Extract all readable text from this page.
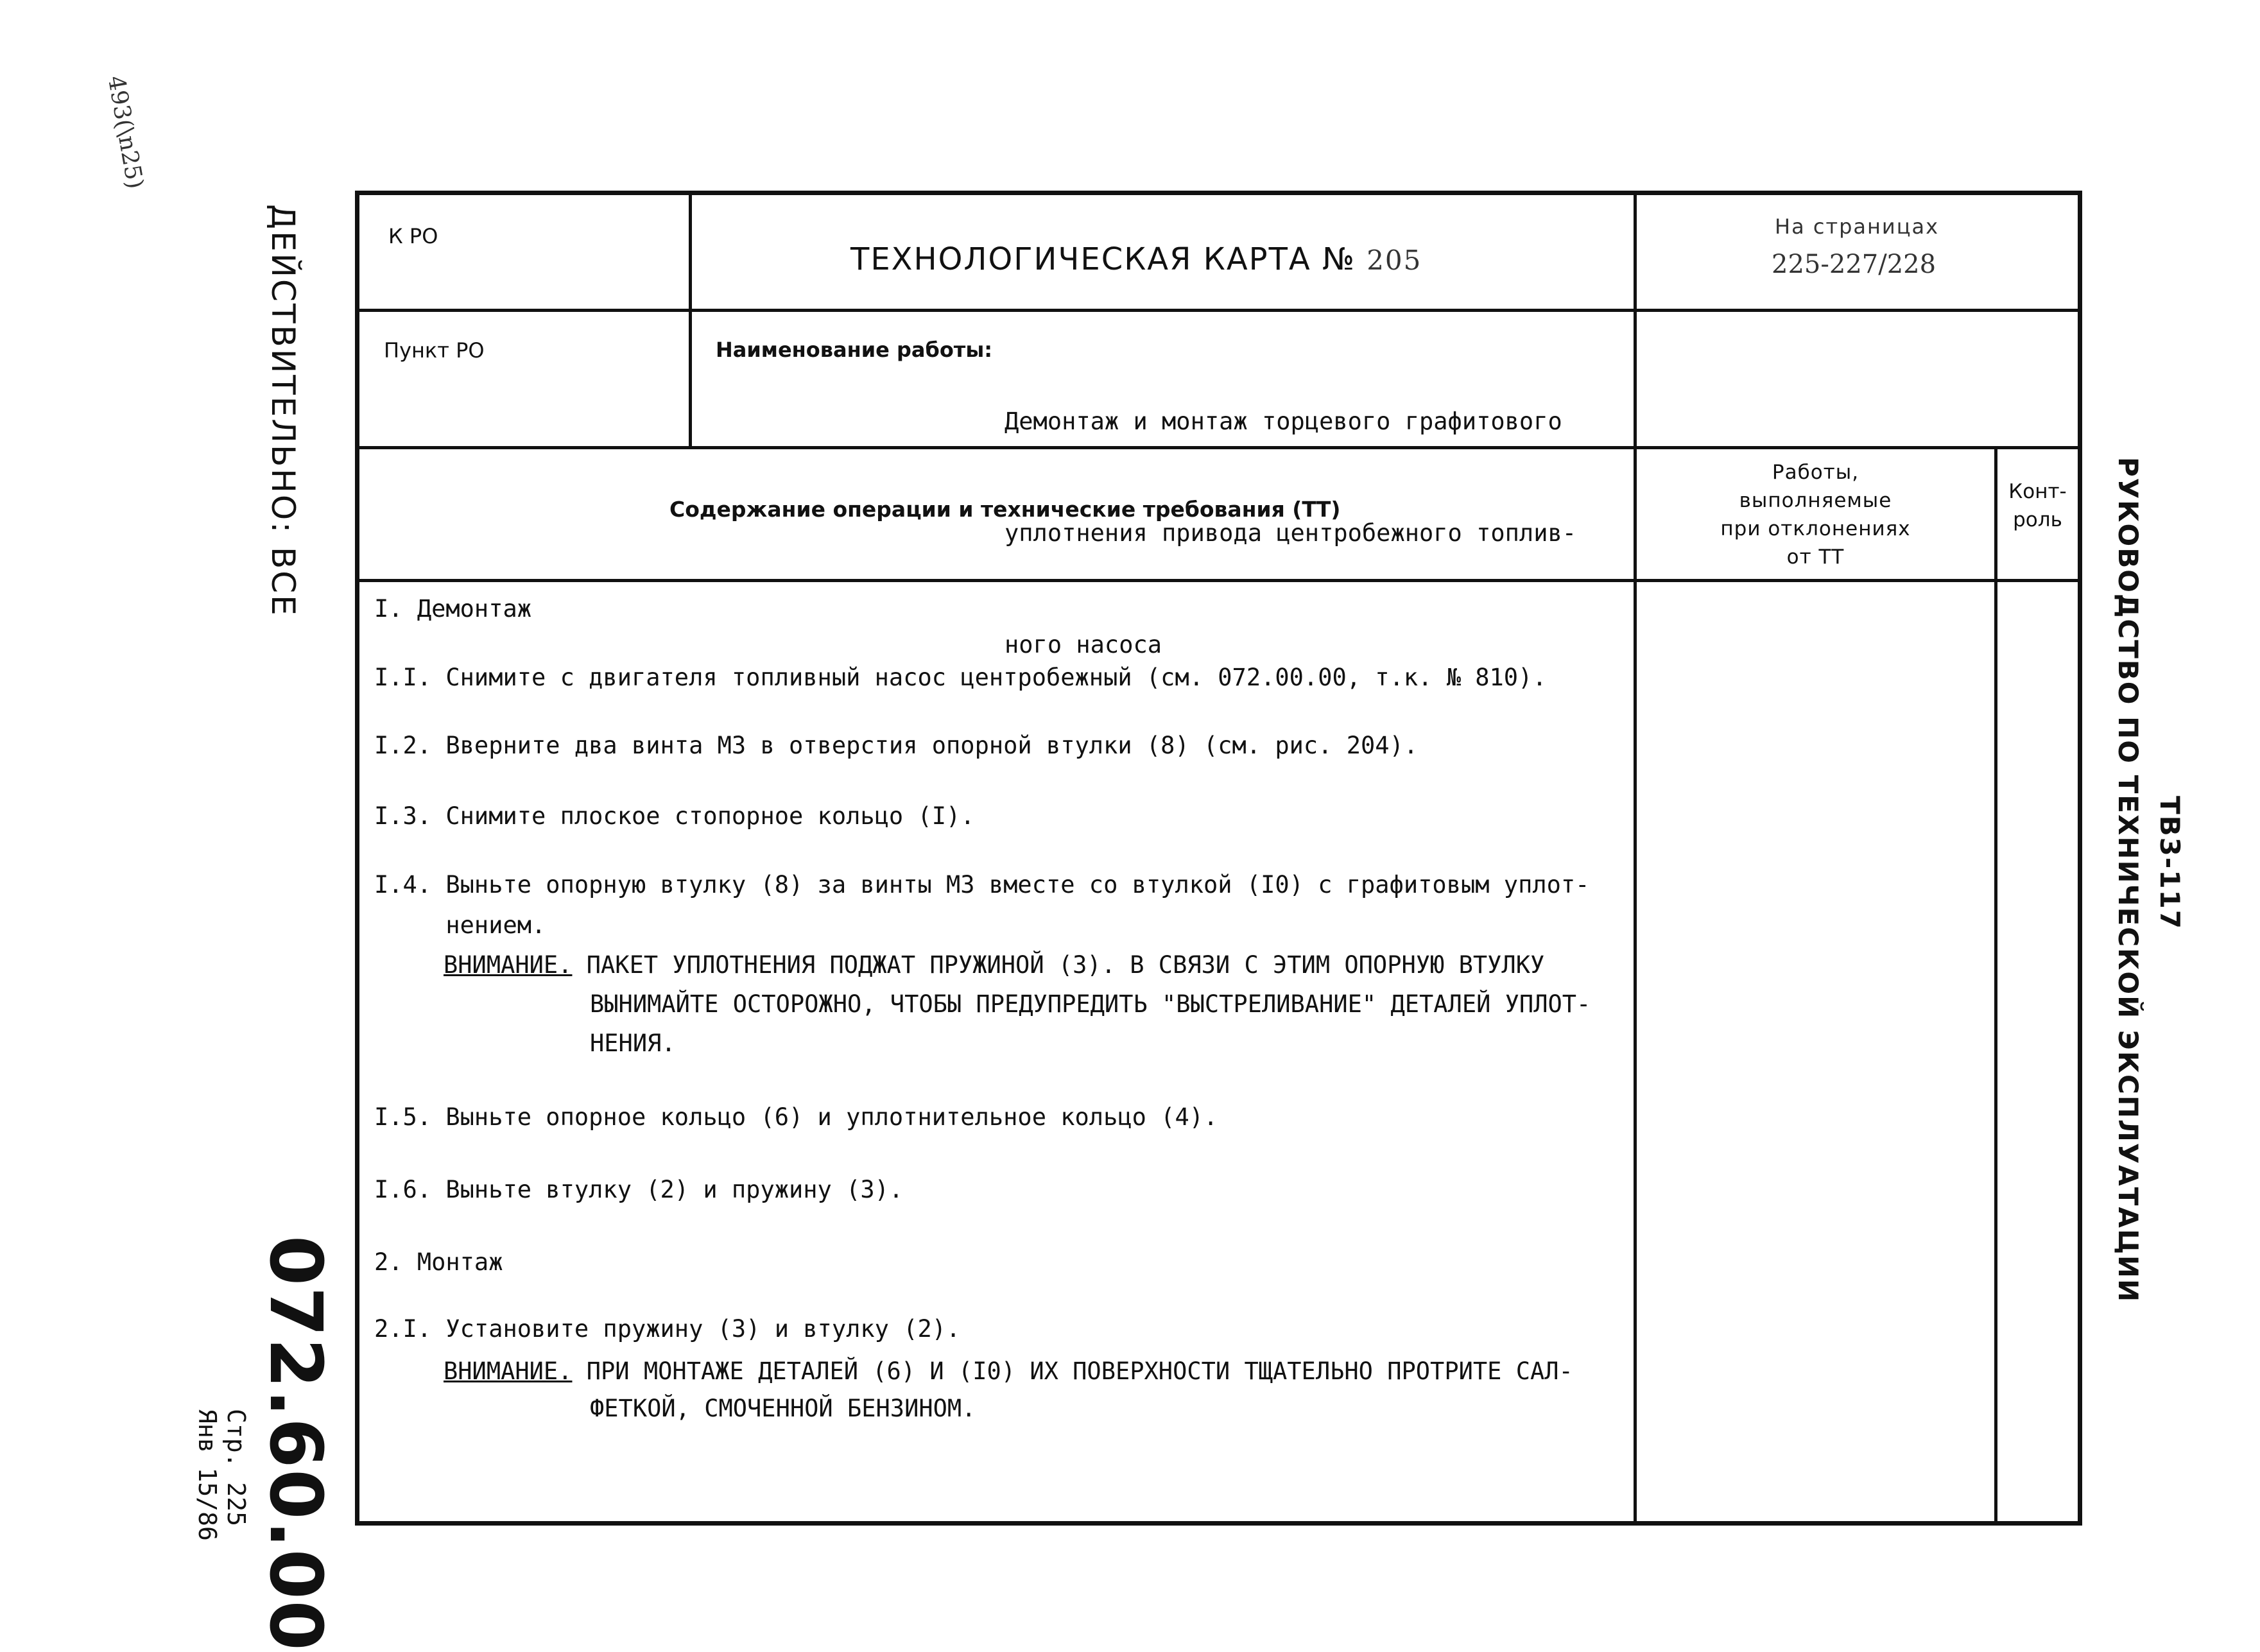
493(\n25)
ДЕЙСТВИТЕЛЬНО: ВСЕ
072.60.00
Стр. 225
Янв 15/86
РУКОВОДСТВО ПО ТЕХНИЧЕСКОЙ ЭКСПЛУАТАЦИИ ТВ3-117
К РО
ТЕХНОЛОГИЧЕСКАЯ КАРТА № 205
На страницах
225-227/228
Пункт РО	Наименование работы:

Демонтаж и монтаж торцевого графитового

уплотнения привода центробежного топлив-

ного насоса

Содержание операции и технические требования (ТТ)
Работы,
выполняемые
при отклонениях
от ТТ
Конт-
роль
I. Демонтаж
I.I. Снимите с двигателя топливный насос центробежный (см. 072.00.00, т.к. № 810).
I.2. Вверните два винта М3 в отверстия опорной втулки (8) (см. рис. 204).
I.3. Снимите плоское стопорное кольцо (I).
I.4. Выньте опорную втулку (8) за винты М3 вместе со втулкой (I0) с графитовым уплот-
нением.
ВНИМАНИЕ. ПАКЕТ УПЛОТНЕНИЯ ПОДЖАТ ПРУЖИНОЙ (3). В СВЯЗИ С ЭТИМ ОПОРНУЮ ВТУЛКУ
ВЫНИМАЙТЕ ОСТОРОЖНО, ЧТОБЫ ПРЕДУПРЕДИТЬ "ВЫСТРЕЛИВАНИЕ" ДЕТАЛЕЙ УПЛОТ-
НЕНИЯ.
I.5. Выньте опорное кольцо (6) и уплотнительное кольцо (4).
I.6. Выньте втулку (2) и пружину (3).
2. Монтаж
2.I. Установите пружину (3) и втулку (2).
ВНИМАНИЕ. ПРИ МОНТАЖЕ ДЕТАЛЕЙ (6) И (I0) ИХ ПОВЕРХНОСТИ ТЩАТЕЛЬНО ПРОТРИТЕ САЛ-
ФЕТКОЙ, СМОЧЕННОЙ БЕНЗИНОМ.
